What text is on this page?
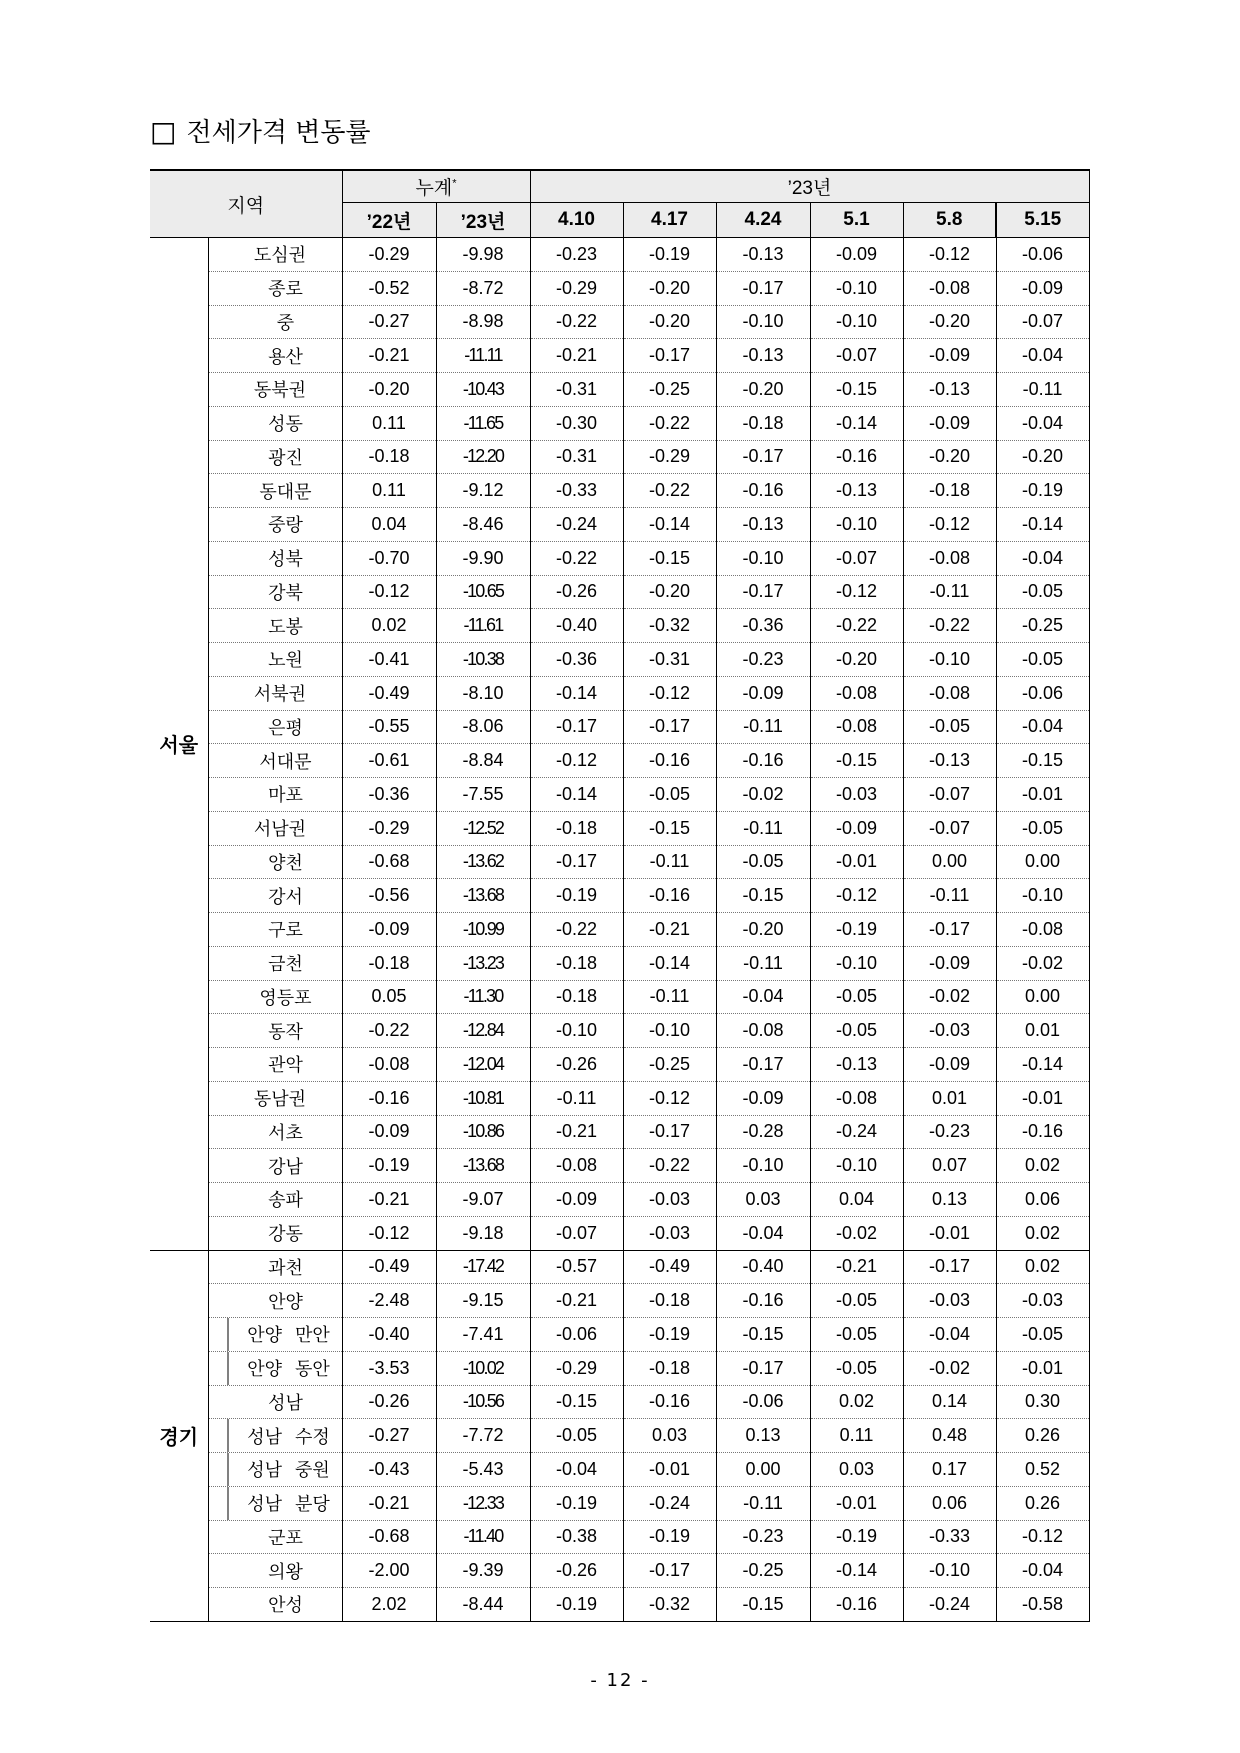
□ 전세가격 변동률
지역		누계*		’23년					
		’22년	’23년	4.10	4.17	4.24	5.1	5.8	5.15
서울	도심권	-0.29	-9.98	-0.23	-0.19	-0.13	-0.09	-0.12	-0.06
	종로	-0.52	-8.72	-0.29	-0.20	-0.17	-0.10	-0.08	-0.09
	중	-0.27	-8.98	-0.22	-0.20	-0.10	-0.10	-0.20	-0.07
	용산	-0.21	-11.11	-0.21	-0.17	-0.13	-0.07	-0.09	-0.04
	동북권	-0.20	-10.43	-0.31	-0.25	-0.20	-0.15	-0.13	-0.11
	성동	0.11	-11.65	-0.30	-0.22	-0.18	-0.14	-0.09	-0.04
	광진	-0.18	-12.20	-0.31	-0.29	-0.17	-0.16	-0.20	-0.20
	동대문	0.11	-9.12	-0.33	-0.22	-0.16	-0.13	-0.18	-0.19
	중랑	0.04	-8.46	-0.24	-0.14	-0.13	-0.10	-0.12	-0.14
	성북	-0.70	-9.90	-0.22	-0.15	-0.10	-0.07	-0.08	-0.04
	강북	-0.12	-10.65	-0.26	-0.20	-0.17	-0.12	-0.11	-0.05
	도봉	0.02	-11.61	-0.40	-0.32	-0.36	-0.22	-0.22	-0.25
	노원	-0.41	-10.38	-0.36	-0.31	-0.23	-0.20	-0.10	-0.05
	서북권	-0.49	-8.10	-0.14	-0.12	-0.09	-0.08	-0.08	-0.06
	은평	-0.55	-8.06	-0.17	-0.17	-0.11	-0.08	-0.05	-0.04
	서대문	-0.61	-8.84	-0.12	-0.16	-0.16	-0.15	-0.13	-0.15
	마포	-0.36	-7.55	-0.14	-0.05	-0.02	-0.03	-0.07	-0.01
	서남권	-0.29	-12.52	-0.18	-0.15	-0.11	-0.09	-0.07	-0.05
	양천	-0.68	-13.62	-0.17	-0.11	-0.05	-0.01	0.00	0.00
	강서	-0.56	-13.68	-0.19	-0.16	-0.15	-0.12	-0.11	-0.10
	구로	-0.09	-10.99	-0.22	-0.21	-0.20	-0.19	-0.17	-0.08
	금천	-0.18	-13.23	-0.18	-0.14	-0.11	-0.10	-0.09	-0.02
	영등포	0.05	-11.30	-0.18	-0.11	-0.04	-0.05	-0.02	0.00
	동작	-0.22	-12.84	-0.10	-0.10	-0.08	-0.05	-0.03	0.01
	관악	-0.08	-12.04	-0.26	-0.25	-0.17	-0.13	-0.09	-0.14
	동남권	-0.16	-10.81	-0.11	-0.12	-0.09	-0.08	0.01	-0.01
	서초	-0.09	-10.86	-0.21	-0.17	-0.28	-0.24	-0.23	-0.16
	강남	-0.19	-13.68	-0.08	-0.22	-0.10	-0.10	0.07	0.02
	송파	-0.21	-9.07	-0.09	-0.03	0.03	0.04	0.13	0.06
	강동	-0.12	-9.18	-0.07	-0.03	-0.04	-0.02	-0.01	0.02
경기	과천	-0.49	-17.42	-0.57	-0.49	-0.40	-0.21	-0.17	0.02
	안양	-2.48	-9.15	-0.21	-0.18	-0.16	-0.05	-0.03	-0.03
	안양 만안	-0.40	-7.41	-0.06	-0.19	-0.15	-0.05	-0.04	-0.05
	안양 동안	-3.53	-10.02	-0.29	-0.18	-0.17	-0.05	-0.02	-0.01
	성남	-0.26	-10.56	-0.15	-0.16	-0.06	0.02	0.14	0.30
	성남 수정	-0.27	-7.72	-0.05	0.03	0.13	0.11	0.48	0.26
	성남 중원	-0.43	-5.43	-0.04	-0.01	0.00	0.03	0.17	0.52
	성남 분당	-0.21	-12.33	-0.19	-0.24	-0.11	-0.01	0.06	0.26
	군포	-0.68	-11.40	-0.38	-0.19	-0.23	-0.19	-0.33	-0.12
	의왕	-2.00	-9.39	-0.26	-0.17	-0.25	-0.14	-0.10	-0.04
	안성	2.02	-8.44	-0.19	-0.32	-0.15	-0.16	-0.24	-0.58
- 12 -
